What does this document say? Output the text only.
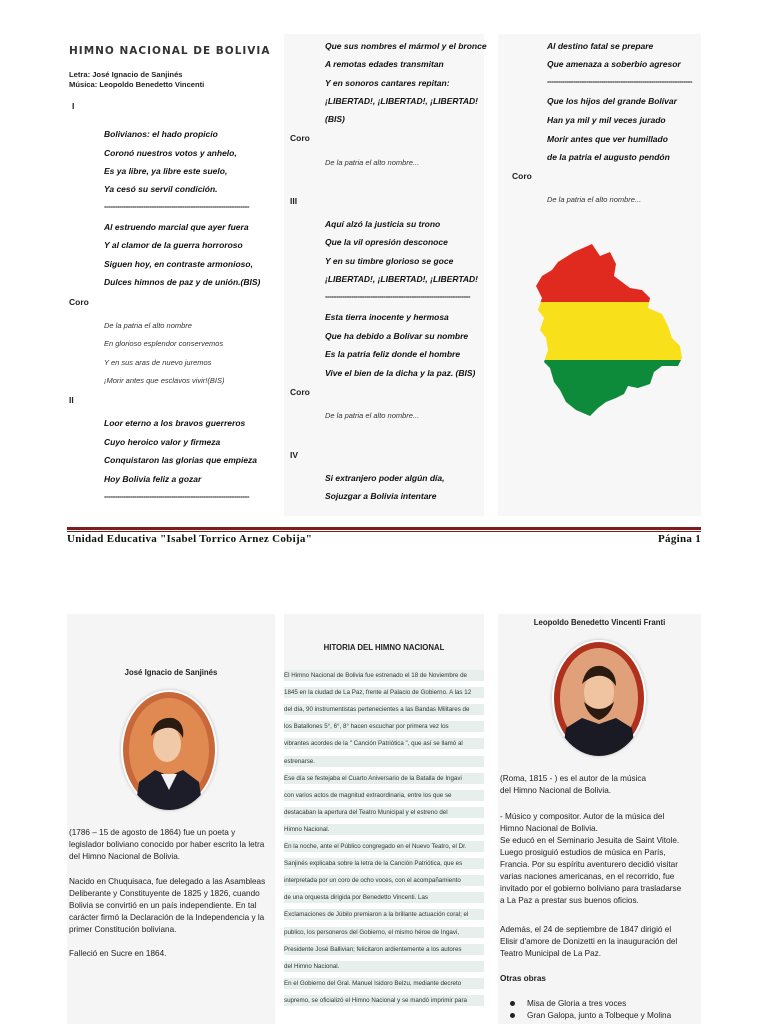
HIMNO NACIONAL DE BOLIVIA
Letra: José Ignacio de Sanjinés
Música: Leopoldo Benedetto Vincenti
I
Bolivianos: el hado propicio
Coronó nuestros votos y anhelo,
Es ya libre, ya libre este suelo,
Ya cesó su servil condición.
-------------------------------------------------------------------
Al estruendo marcial que ayer fuera
Y al clamor de la guerra horroroso
Siguen hoy, en contraste armonioso,
Dulces himnos de paz y de unión.(BIS)
Coro
De la patria el alto nombre
En glorioso esplendor conservemos
Y en sus aras de nuevo juremos
¡Morir antes que esclavos vivir!(BIS)
II
Loor eterno a los bravos guerreros
Cuyo heroico valor y firmeza
Conquistaron las glorias que empieza
Hoy Bolivia feliz a gozar
-------------------------------------------------------------------
Que sus nombres el mármol y el bronce
A remotas edades transmitan
Y en sonoros cantares repitan:
¡LIBERTAD!, ¡LIBERTAD!, ¡LIBERTAD!
(BIS)
Coro
De la patria el alto nombre...
III
Aquí alzó la justicia su trono
Que la vil opresión desconoce
Y en su timbre glorioso se goce
¡LIBERTAD!, ¡LIBERTAD!, ¡LIBERTAD!
-------------------------------------------------------------------
Esta tierra inocente y hermosa
Que ha debido a Bolívar su nombre
Es la patria feliz donde el hombre
Vive el bien de la dicha y la paz. (BIS)
Coro
De la patria el alto nombre...
IV
Si extranjero poder algún día,
Sojuzgar a Bolivia intentare
Al destino fatal se prepare
Que amenaza a soberbio agresor
-------------------------------------------------------------------
Que los hijos del grande Bolívar
Han ya mil y mil veces jurado
Morir antes que ver humillado
de la patria el augusto pendón
Coro
De la patria el alto nombre...
Unidad Educativa "Isabel Torrico Arnez Cobija"	Página 1
José Ignacio de Sanjinés
(1786 – 15 de agosto de 1864) fue un poeta y
legislador boliviano conocido por haber escrito la letra
del Himno Nacional de Bolivia.
Nacido en Chuquisaca, fue delegado a las Asambleas
Deliberante y Constituyente de 1825 y 1826, cuando
Bolivia se convirtió en un país independiente. En tal
carácter firmó la Declaración de la Independencia y la
primer Constitución boliviana.
Falleció en Sucre en 1864.
HITORIA DEL HIMNO NACIONAL
El Himno Nacional de Bolivia fue estrenado el 18 de Noviembre de
1845 en la ciudad de La Paz, frente al Palacio de Gobierno. A las 12
del día, 90 instrumentistas pertenecientes a las Bandas Militares de
los Batallones 5°, 6°, 8° hacen escuchar por primera vez los
vibrantes acordes de la " Canción Patriótica ", que así se llamó al
estrenarse.
Ese día se festejaba el Cuarto Aniversario de la Batalla de Ingavi
con varios actos de magnitud extraordinaria, entre los que se
destacaban la apertura del Teatro Municipal y el estreno del
Himno Nacional.
En la noche, ante el Público congregado en el Nuevo Teatro, el Dr.
Sanjinés explicaba sobre la letra de la Canción Patriótica, que es
interpretada por un coro de ocho voces, con el acompañamiento
de una orquesta dirigida por Benedetto Vincenti. Las
Exclamaciones de Júbilo premiaron a la brillante actuación coral; el
publico, los personeros del Gobierno, el mismo héroe de Ingavi,
Presidente José Ballivian; felicitaron ardientemente a los autores
del Himno Nacional.
En el Gobierno del Gral. Manuel Isidoro Belzu, mediante decreto
supremo, se oficializó el Himno Nacional y se mandó imprimir para
Leopoldo Benedetto Vincenti Franti
(Roma, 1815 - ) es el autor de la música
del Himno Nacional de Bolivia.
- Músico y compositor. Autor de la música del
Himno Nacional de Bolivia.
Se educó en el Seminario Jesuita de Saint Vitole.
Luego prosiguió estudios de música en París,
Francia. Por su espíritu aventurero decidió visitar
varias naciones americanas, en el recorrido, fue
invitado por el gobierno boliviano para trasladarse
a La Paz a prestar sus buenos oficios.
Además, el 24 de septiembre de 1847 dirigió el
Elisir d'amore de Donizetti en la inauguración del
Teatro Municipal de La Paz.
Otras obras
Misa de Gloria a tres voces
Gran Galopa, junto a Tolbeque y Molina
